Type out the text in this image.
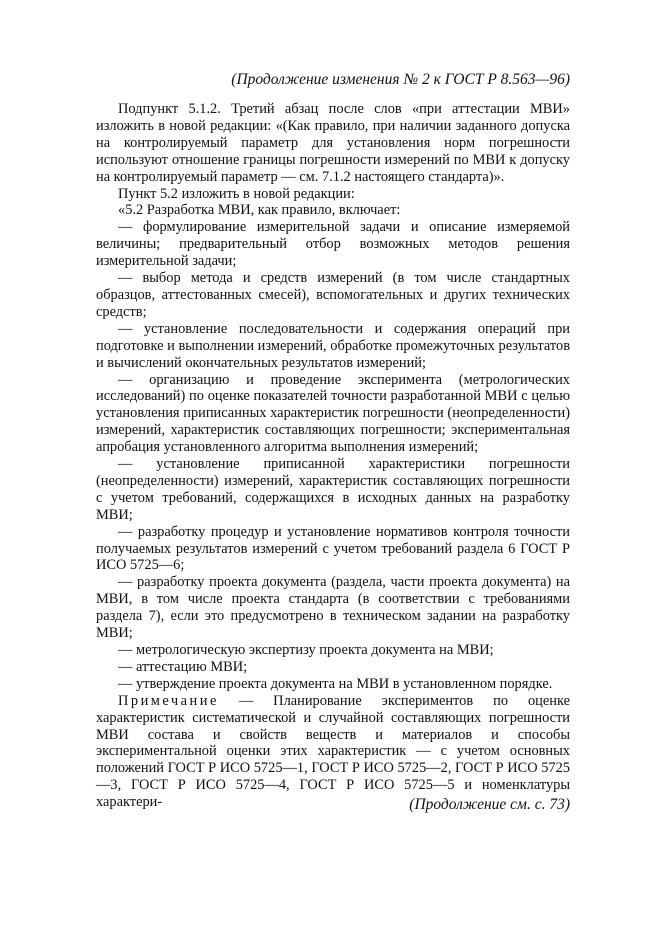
(Продолжение изменения № 2 к ГОСТ Р 8.563—96)

Подпункт 5.1.2. Третий абзац после слов «при аттестации МВИ» изложить в новой редакции: «(Как правило, при наличии заданного допуска на контролируемый параметр для установления норм погрешности используют отношение границы погрешности измерений по МВИ к допуску на контролируемый параметр — см. 7.1.2 настоящего стандарта)».

Пункт 5.2 изложить в новой редакции:

«5.2 Разработка МВИ, как правило, включает:

— формулирование измерительной задачи и описание измеряемой величины; предварительный отбор возможных методов решения измерительной задачи;

— выбор метода и средств измерений (в том числе стандартных образцов, аттестованных смесей), вспомогательных и других технических средств;

— установление последовательности и содержания операций при подготовке и выполнении измерений, обработке промежуточных результатов и вычислений окончательных результатов измерений;

— организацию и проведение эксперимента (метрологических исследований) по оценке показателей точности разработанной МВИ с целью установления приписанных характеристик погрешности (неопределенности) измерений, характеристик составляющих погрешности; экспериментальная апробация установленного алгоритма выполнения измерений;

— установление приписанной характеристики погрешности (неопределенности) измерений, характеристик составляющих погрешности с учетом требований, содержащихся в исходных данных на разработку МВИ;

— разработку процедур и установление нормативов контроля точности получаемых результатов измерений с учетом требований раздела 6 ГОСТ Р ИСО 5725—6;

— разработку проекта документа (раздела, части проекта документа) на МВИ, в том числе проекта стандарта (в соответствии с требованиями раздела 7), если это предусмотрено в техническом задании на разработку МВИ;

— метрологическую экспертизу проекта документа на МВИ;

— аттестацию МВИ;

— утверждение проекта документа на МВИ в установленном порядке.

Примечание — Планирование экспериментов по оценке характеристик систематической и случайной составляющих погрешности МВИ состава и свойств веществ и материалов и способы экспериментальной оценки этих характеристик — с учетом основных положений ГОСТ Р ИСО 5725—1, ГОСТ Р ИСО 5725—2, ГОСТ Р ИСО 5725—3, ГОСТ Р ИСО 5725—4, ГОСТ Р ИСО 5725—5 и номенклатуры характери-	(Продолжение см. с. 73)
